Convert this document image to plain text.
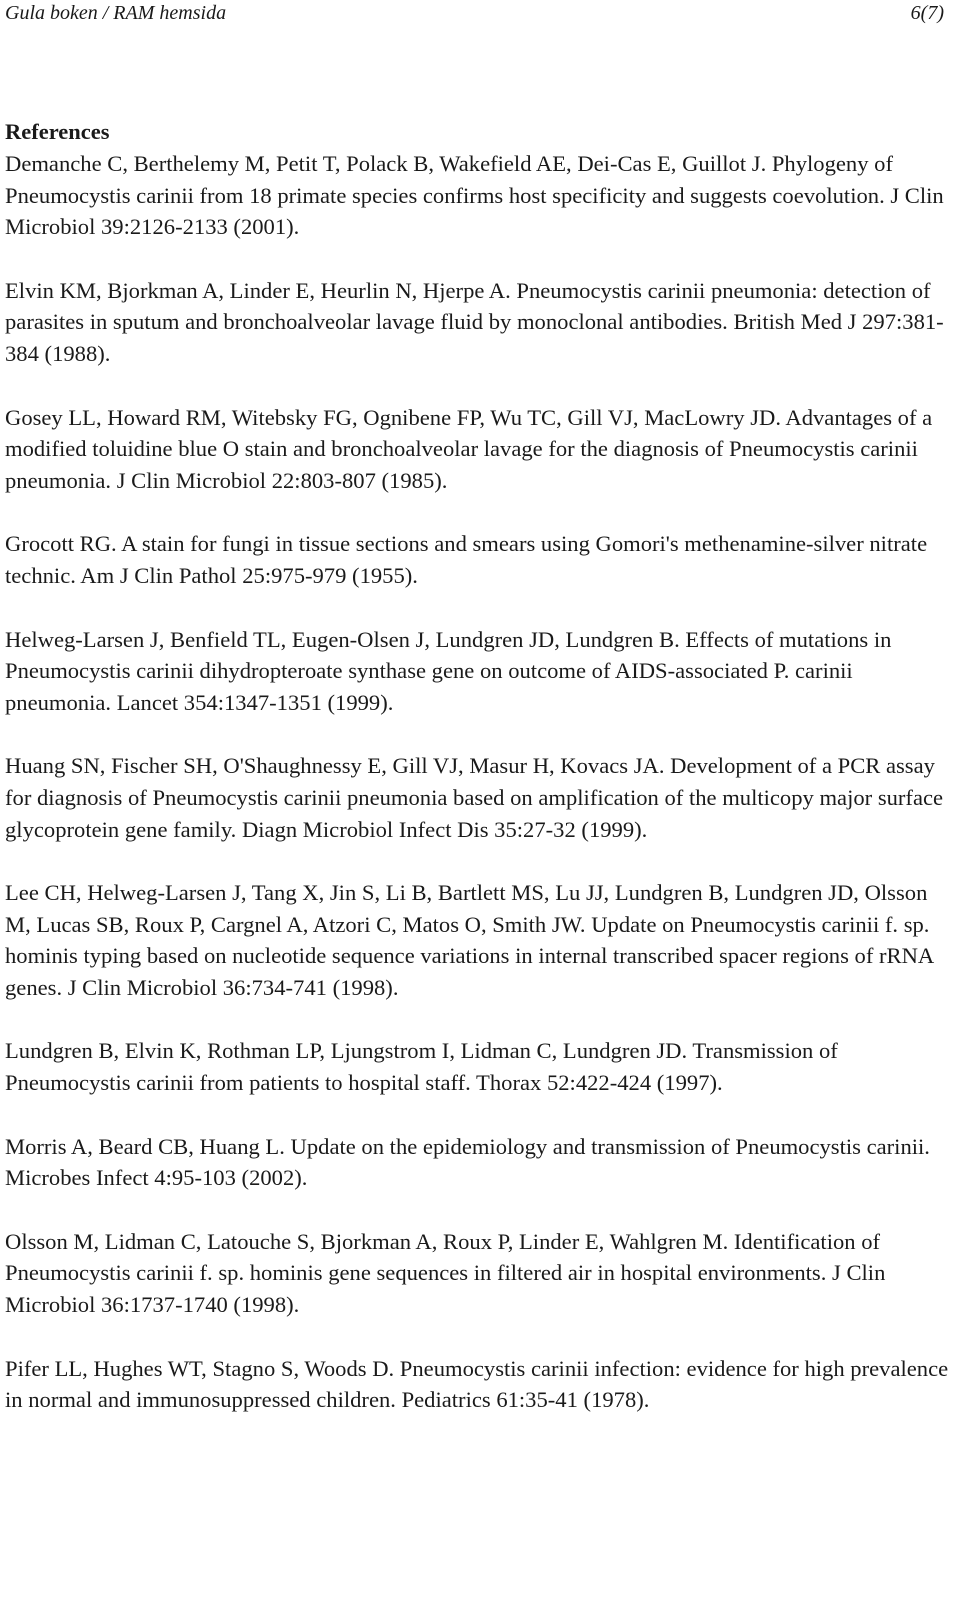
Gula boken / RAM hemsida	6(7)
References
Demanche C, Berthelemy M, Petit T, Polack B, Wakefield AE, Dei-Cas E, Guillot J. Phylogeny of Pneumocystis carinii from 18 primate species confirms host specificity and suggests coevolution. J Clin Microbiol 39:2126-2133 (2001).
Elvin KM, Bjorkman A, Linder E, Heurlin N, Hjerpe A. Pneumocystis carinii pneumonia: detection of parasites in sputum and bronchoalveolar lavage fluid by monoclonal antibodies. British Med J 297:381-384 (1988).
Gosey LL, Howard RM, Witebsky FG, Ognibene FP, Wu TC, Gill VJ, MacLowry JD. Advantages of a modified toluidine blue O stain and bronchoalveolar lavage for the diagnosis of Pneumocystis carinii pneumonia. J Clin Microbiol 22:803-807 (1985).
Grocott RG. A stain for fungi in tissue sections and smears using Gomori's methenamine-silver nitrate technic. Am J Clin Pathol 25:975-979 (1955).
Helweg-Larsen J, Benfield TL, Eugen-Olsen J, Lundgren JD, Lundgren B. Effects of mutations in Pneumocystis carinii dihydropteroate synthase gene on outcome of AIDS-associated P. carinii pneumonia. Lancet 354:1347-1351 (1999).
Huang SN, Fischer SH, O'Shaughnessy E, Gill VJ, Masur H, Kovacs JA. Development of a PCR assay for diagnosis of Pneumocystis carinii pneumonia based on amplification of the multicopy major surface glycoprotein gene family. Diagn Microbiol Infect Dis 35:27-32 (1999).
Lee CH, Helweg-Larsen J, Tang X, Jin S, Li B, Bartlett MS, Lu JJ, Lundgren B, Lundgren JD, Olsson M, Lucas SB, Roux P, Cargnel A, Atzori C, Matos O, Smith JW. Update on Pneumocystis carinii f. sp. hominis typing based on nucleotide sequence variations in internal transcribed spacer regions of rRNA genes. J Clin Microbiol 36:734-741 (1998).
Lundgren B, Elvin K, Rothman LP, Ljungstrom I, Lidman C, Lundgren JD. Transmission of Pneumocystis carinii from patients to hospital staff. Thorax 52:422-424 (1997).
Morris A, Beard CB, Huang L. Update on the epidemiology and transmission of Pneumocystis carinii. Microbes Infect 4:95-103 (2002).
Olsson M, Lidman C, Latouche S, Bjorkman A, Roux P, Linder E, Wahlgren M. Identification of Pneumocystis carinii f. sp. hominis gene sequences in filtered air in hospital environments. J Clin Microbiol 36:1737-1740 (1998).
Pifer LL, Hughes WT, Stagno S, Woods D. Pneumocystis carinii infection: evidence for high prevalence in normal and immunosuppressed children. Pediatrics 61:35-41 (1978).
